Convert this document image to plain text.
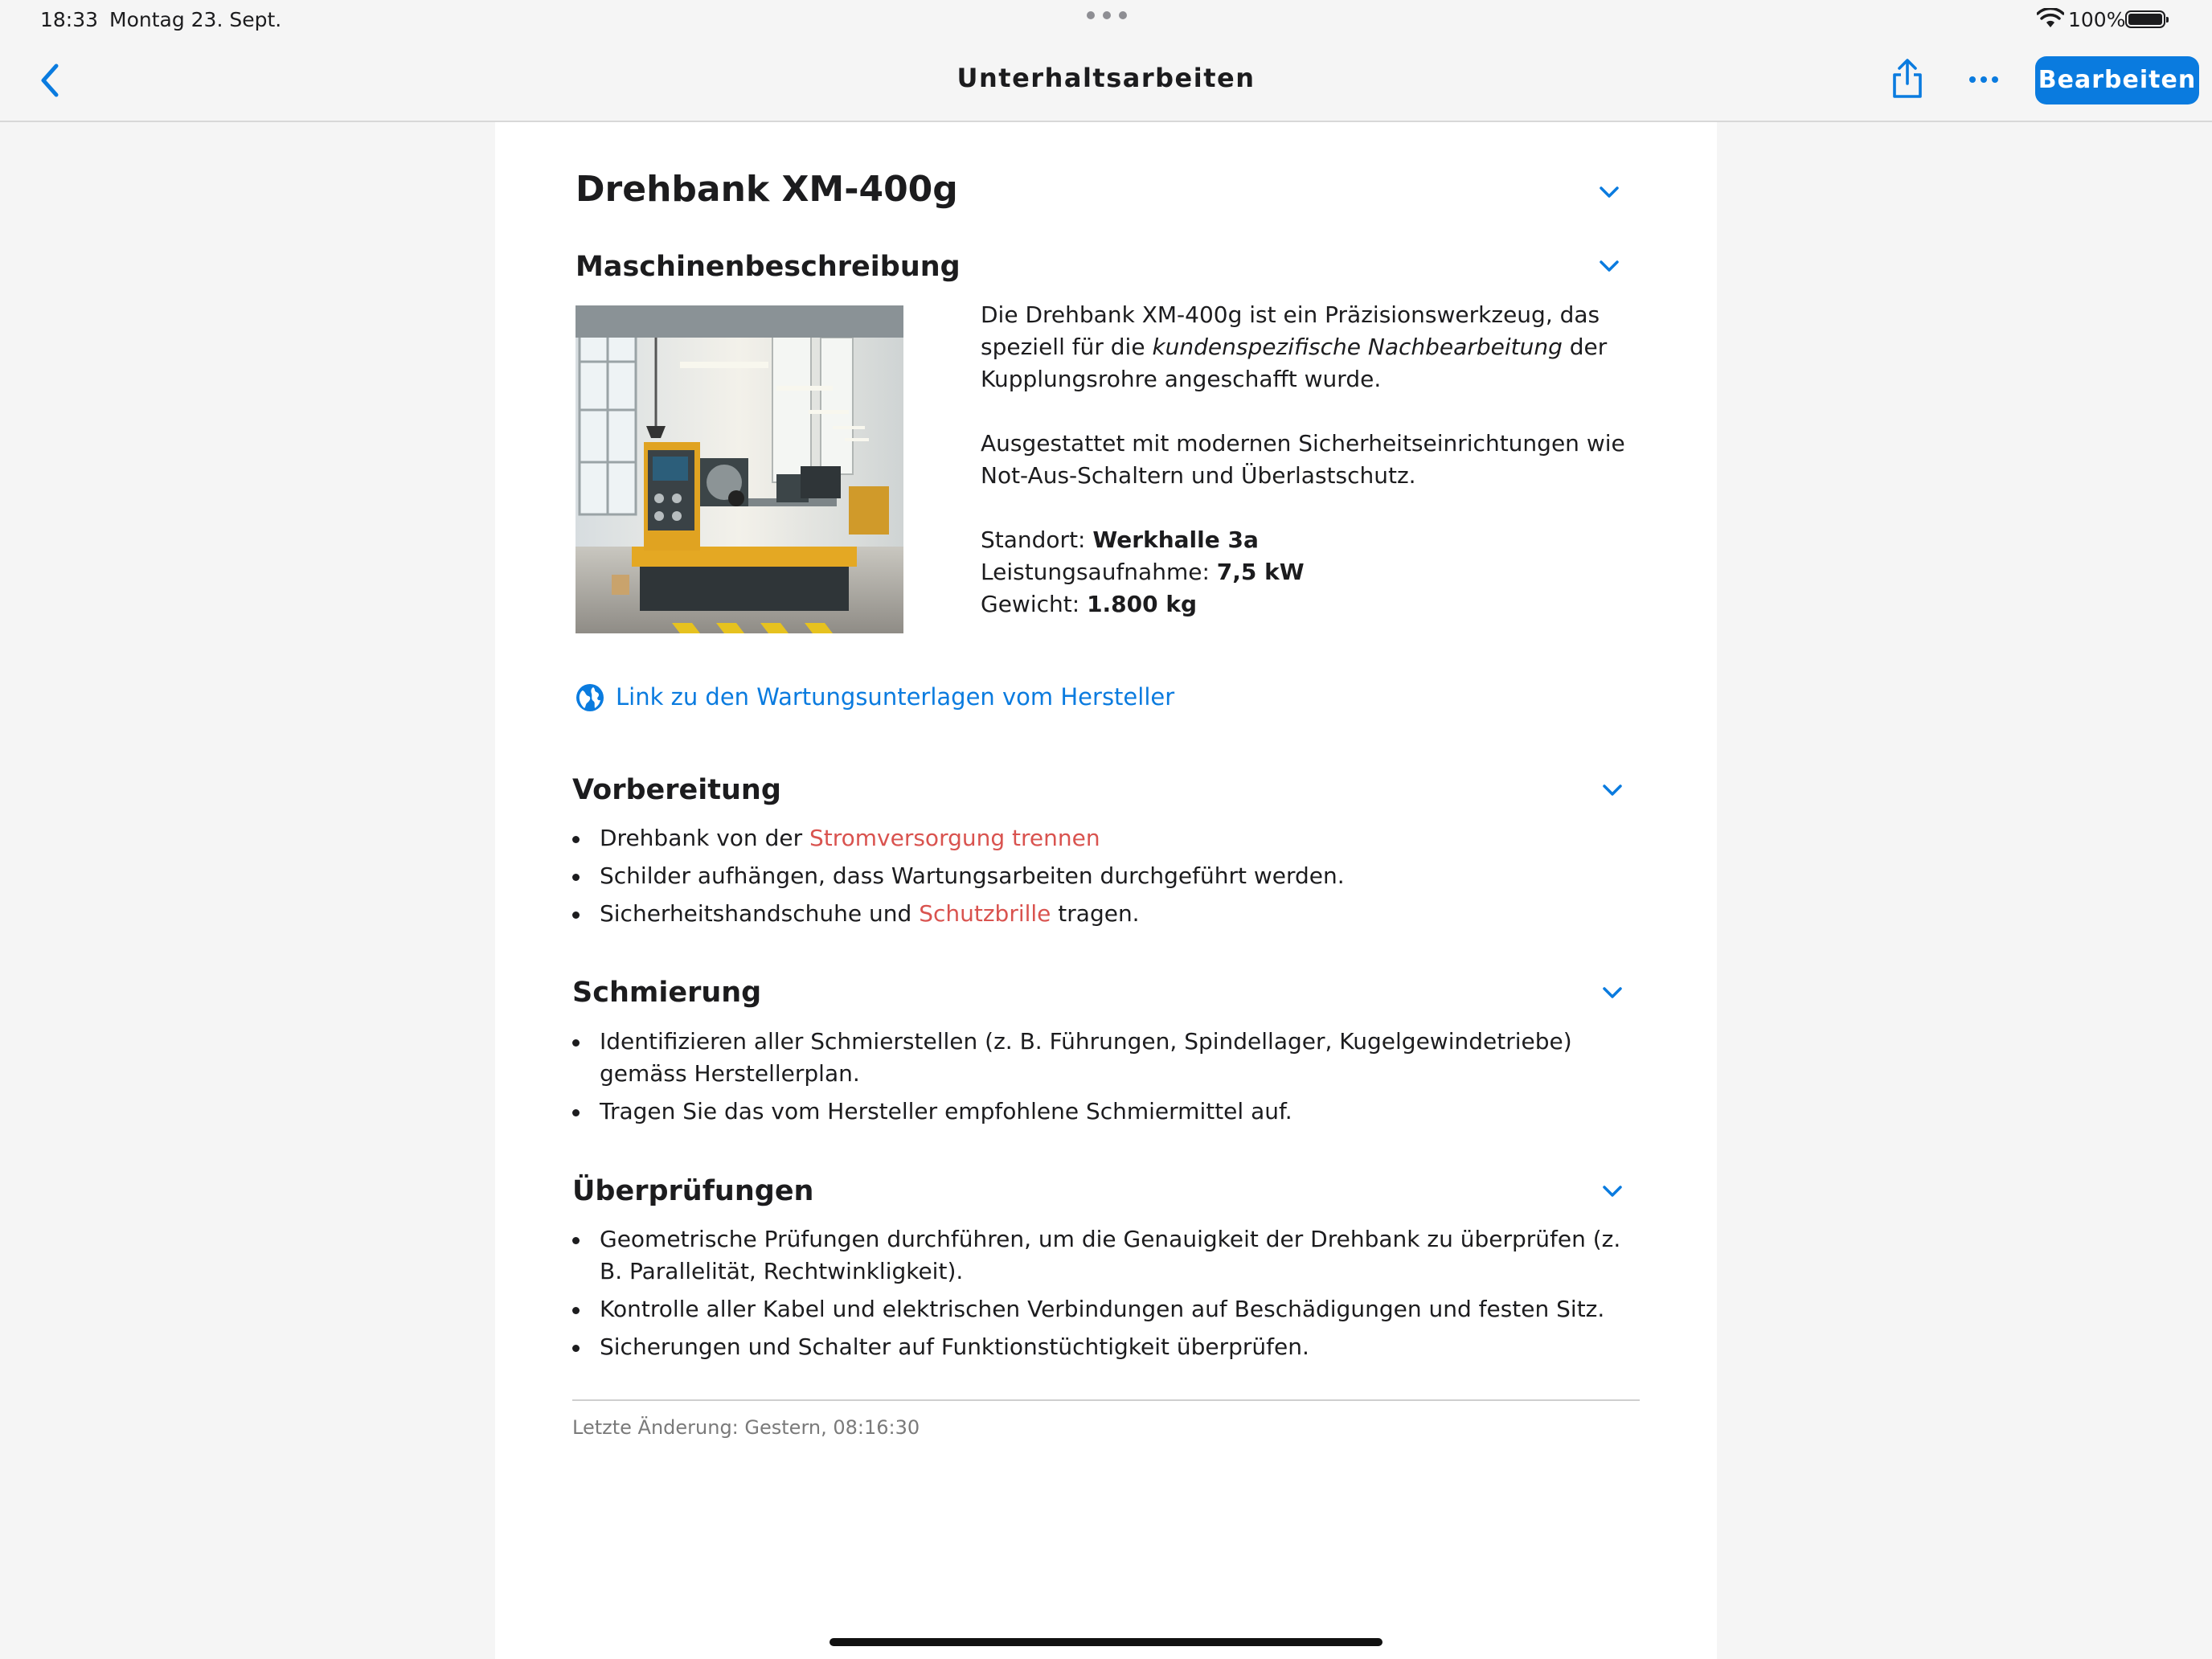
18:33 Montag 23. Sept.	100%
Unterhaltsarbeiten	Bearbeiten
Drehbank XM-400g
Maschinenbeschreibung
Die Drehbank XM-400g ist ein Präzisionswerkzeug, das speziell für die kundenspezifische Nachbearbeitung der Kupplungsrohre angeschafft wurde.
Ausgestattet mit modernen Sicherheitseinrichtungen wie Not-Aus-Schaltern und Überlastschutz.
Standort: Werkhalle 3a
Leistungsaufnahme: 7,5 kW
Gewicht: 1.800 kg
Link zu den Wartungsunterlagen vom Hersteller
Vorbereitung
Drehbank von der Stromversorgung trennen
Schilder aufhängen, dass Wartungsarbeiten durchgeführt werden.
Sicherheitshandschuhe und Schutzbrille tragen.
Schmierung
Identifizieren aller Schmierstellen (z. B. Führungen, Spindellager, Kugelgewindetriebe) gemäss Herstellerplan.
Tragen Sie das vom Hersteller empfohlene Schmiermittel auf.
Überprüfungen
Geometrische Prüfungen durchführen, um die Genauigkeit der Drehbank zu überprüfen (z. B. Parallelität, Rechtwinkligkeit).
Kontrolle aller Kabel und elektrischen Verbindungen auf Beschädigungen und festen Sitz.
Sicherungen und Schalter auf Funktionstüchtigkeit überprüfen.
Letzte Änderung: Gestern, 08:16:30
